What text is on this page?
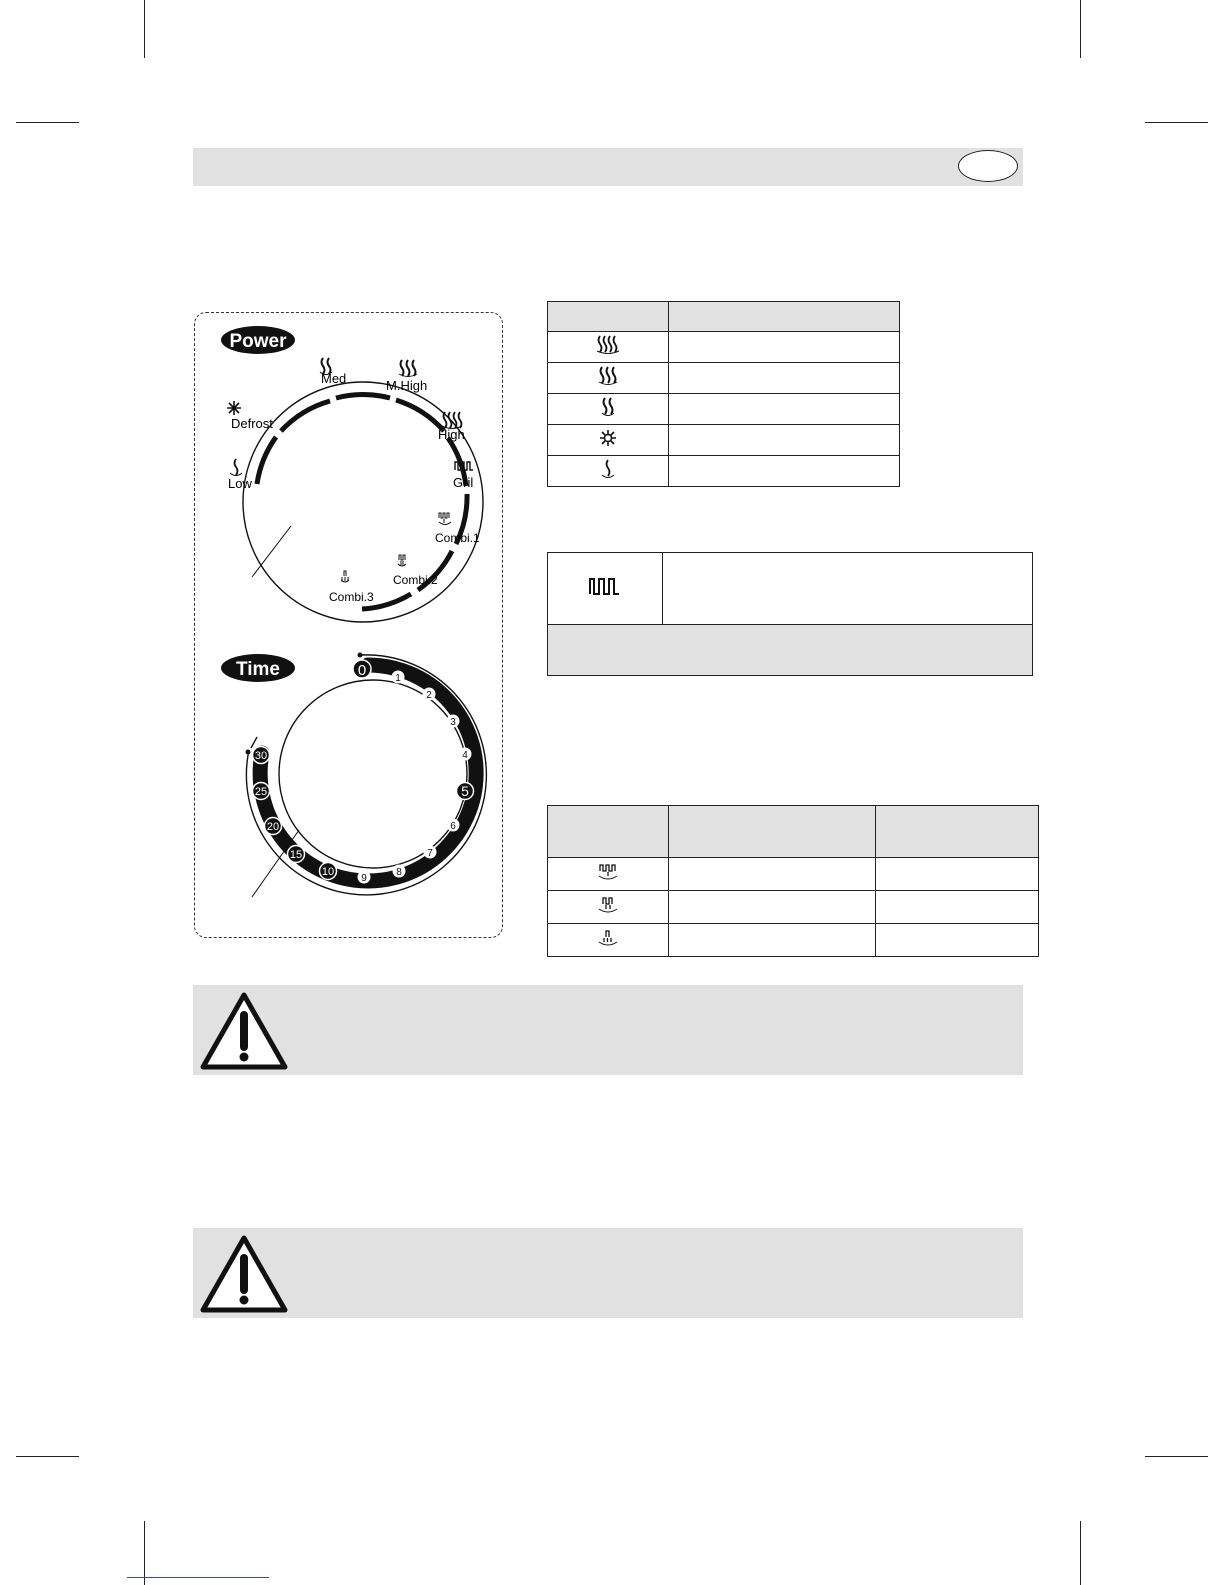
Power
Med	M.High
High
Gril
Defrost
Low
Combi.1
Combi.2
Combi.3
Time	0	1
2
3
4
5
6
7
8
9
10
15
20
25
30
